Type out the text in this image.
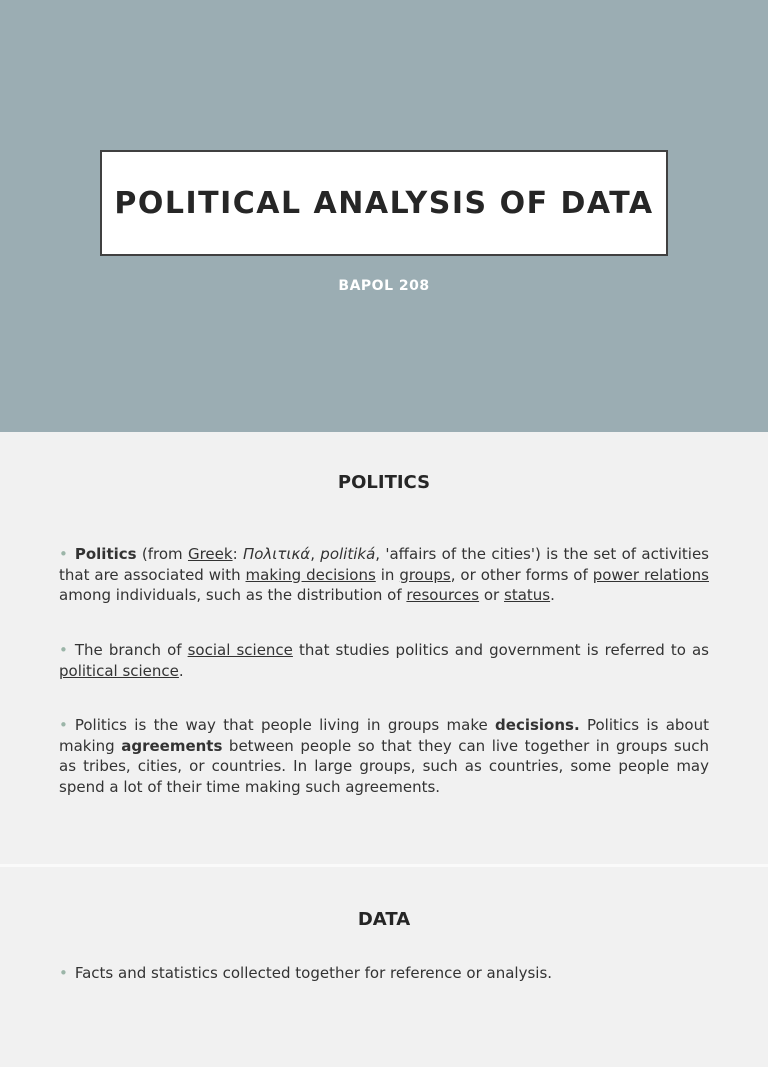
POLITICAL ANALYSIS OF DATA
BAPOL 208
POLITICS
• Politics (from Greek: Πολιτικά, politiká, 'affairs of the cities') is the set of activities that are associated with making decisions in groups, or other forms of power relations among individuals, such as the distribution of resources or status.
• The branch of social science that studies politics and government is referred to as political science.
• Politics is the way that people living in groups make decisions. Politics is about making agreements between people so that they can live together in groups such as tribes, cities, or countries. In large groups, such as countries, some people may spend a lot of their time making such agreements.
DATA
• Facts and statistics collected together for reference or analysis.
